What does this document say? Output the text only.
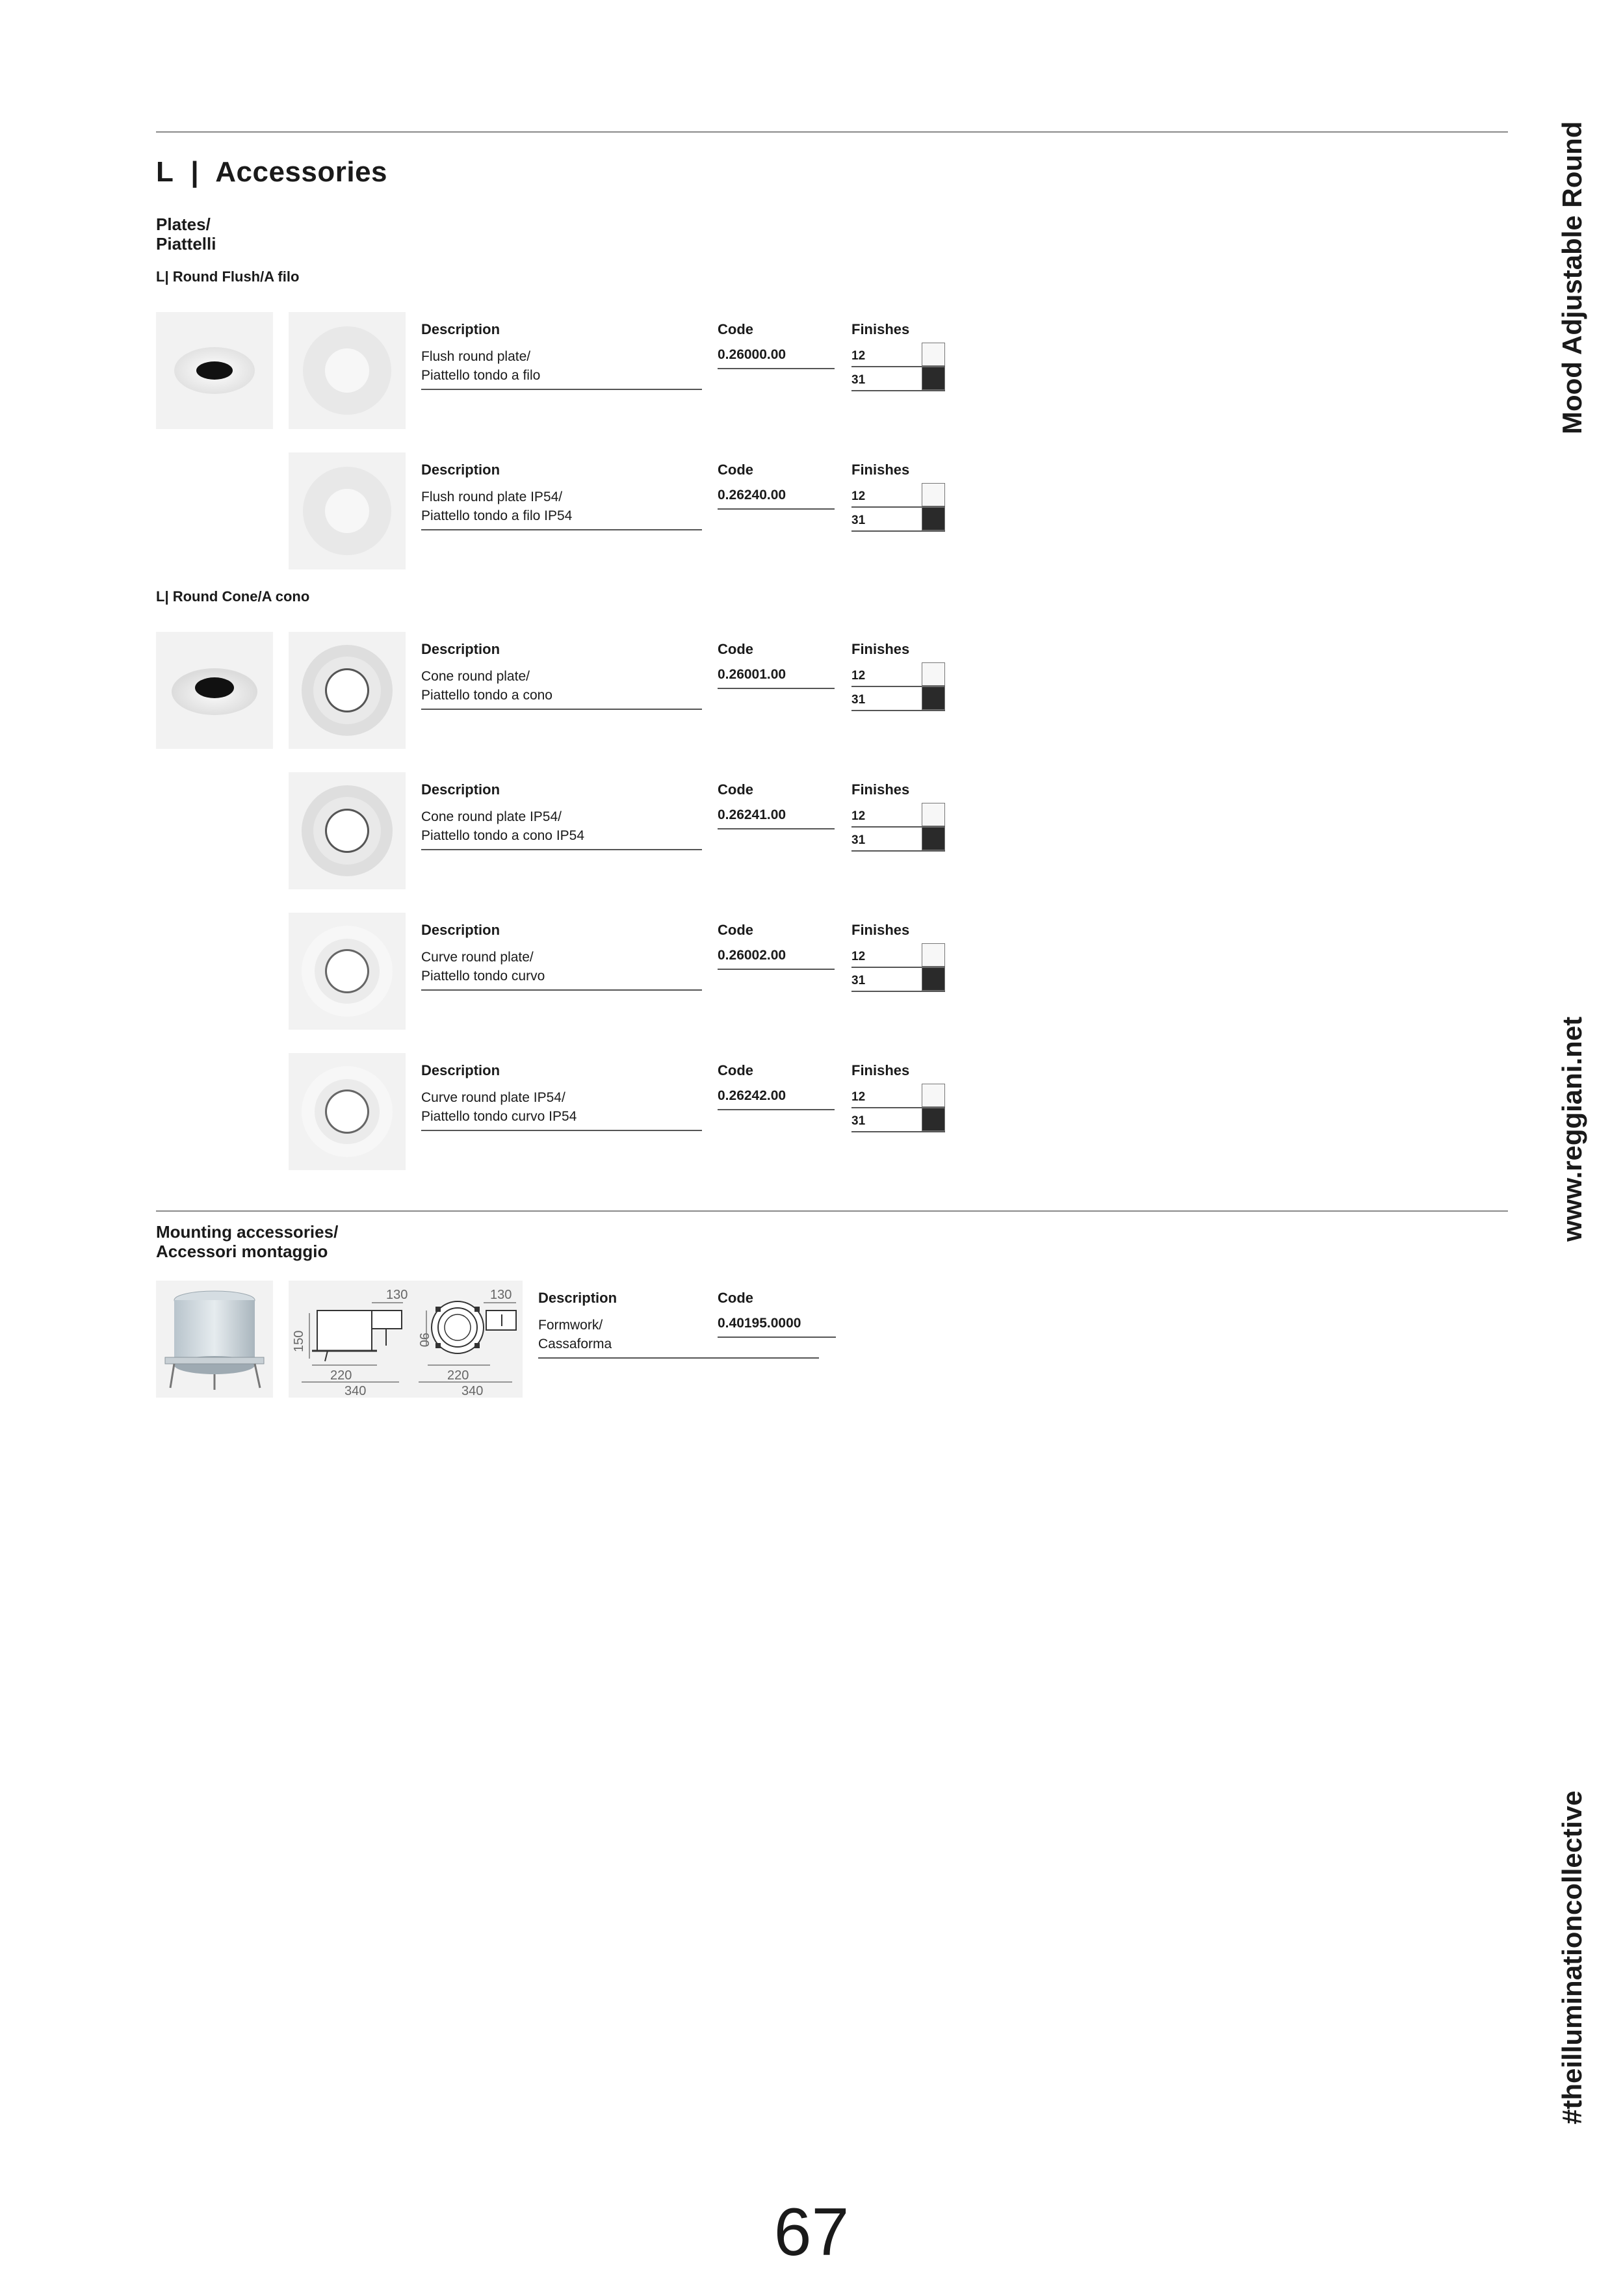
L | Accessories
Plates/
Piattelli
L| Round Flush/A filo
L| Round Cone/A cono
Description
Flush round plate/
Piattello tondo a filo
Code
0.26000.00
Finishes
12
31
Description
Flush round plate IP54/
Piattello tondo a filo IP54
Code
0.26240.00
Finishes
12
31
Description
Cone round plate/
Piattello tondo a cono
Code
0.26001.00
Finishes
12
31
Description
Cone round plate IP54/
Piattello tondo a cono IP54
Code
0.26241.00
Finishes
12
31
Description
Curve round plate/
Piattello tondo curvo
Code
0.26002.00
Finishes
12
31
Description
Curve round plate IP54/
Piattello tondo curvo IP54
Code
0.26242.00
Finishes
12
31
Mounting accessories/
Accessori montaggio
130
150
220
340
90
130
220
340
Description
Formwork/
Cassaforma
Code
0.40195.0000
Mood Adjustable Round
www.reggiani.net
#theilluminationcollective
67
